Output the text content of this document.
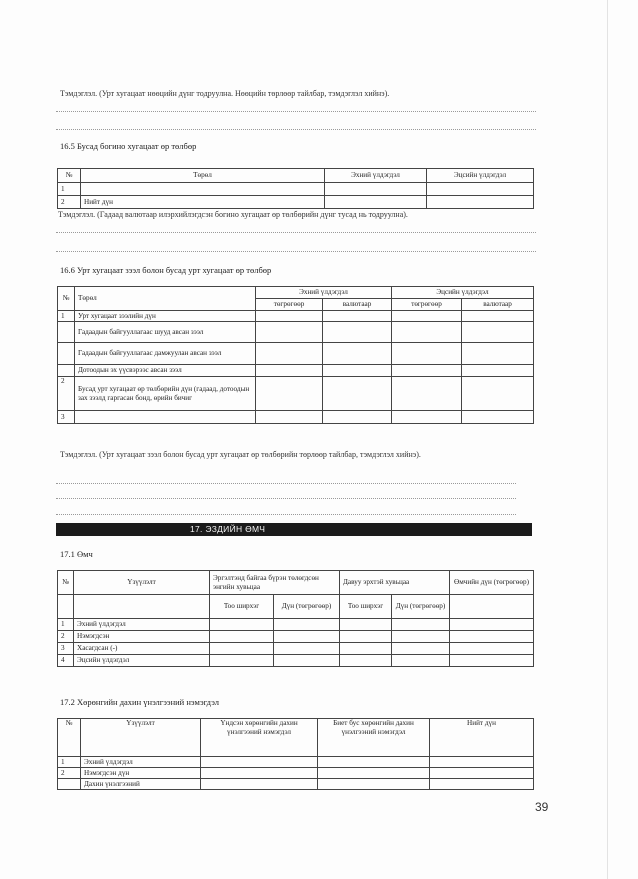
Тэмдэглэл. (Урт хугацаат нөөцийн дүнг тодруулна. Нөөцийн төрлөөр тайлбар, тэмдэглэл хийнэ).
16.5 Бусад богино хугацаат өр төлбөр
№	Төрөл	Эхний үлдэгдэл	Эцсийн үлдэгдэл
1			
2	Нийт дүн		
Тэмдэглэл. (Гадаад валютаар илэрхийлэгдсэн богино хугацаат өр төлбөрийн дүнг тусад нь тодруулна).
16.6 Урт хугацаат зээл болон бусад урт хугацаат өр төлбөр
№	Төрөл	Эхний үлдэгдэл		Эцсийн үлдэгдэл	
		төгрөгөөр	валютаар	төгрөгөөр	валютаар
1	Урт хугацаат зээлийн дүн				
	Гадаадын байгууллагаас шууд авсан зээл				
	Гадаадын байгууллагаас дамжуулан авсан зээл				
	Дотоодын эх үүсвэрээс авсан зээл				
2	Бусад урт хугацаат өр төлбөрийн дүн (гадаад, дотоодын зах зээлд гаргасан бонд, өрийн бичиг				
3					
Тэмдэглэл. (Урт хугацаат зээл болон бусад урт хугацаат өр төлбөрийн төрлөөр тайлбар, тэмдэглэл хийнэ).
17. ЭЗДИЙН ӨМЧ
17.1 Өмч
№	Үзүүлэлт	Эргэлтэнд байгаа бүрэн төлөгдсөн энгийн хувьцаа		Давуу эрхтэй хувьцаа		Өмчийн дүн (төгрөгөөр)
		Тоо ширхэг	Дүн (төгрөгөөр)	Тоо ширхэг	Дүн (төгрөгөөр)	
1	Эхний үлдэгдэл					
2	Нэмэгдсэн					
3	Хасагдсан (-)					
4	Эцсийн үлдэгдэл					
17.2 Хөрөнгийн дахин үнэлгээний нэмэгдэл
№	Үзүүлэлт	Үндсэн хөрөнгийн дахин үнэлгээний нэмэгдэл	Биет бус хөрөнгийн дахин үнэлгээний нэмэгдэл	Нийт дүн
1	Эхний үлдэгдэл			
2	Нэмэгдсэн дүн			
	Дахин үнэлгээний			
39
